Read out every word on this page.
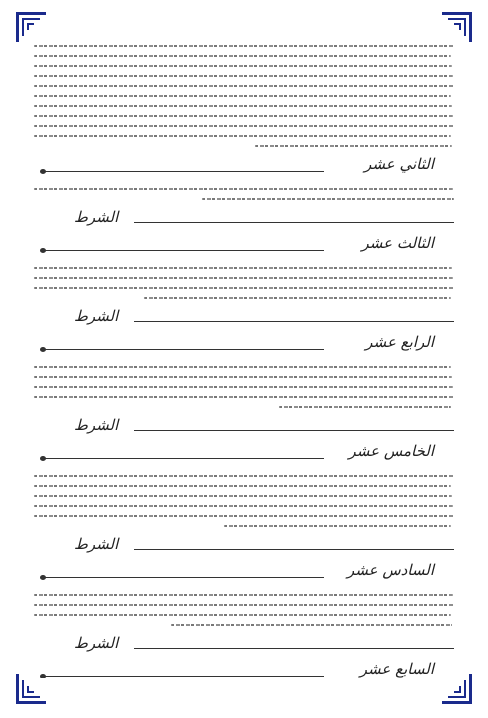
الثاني عشر
الشرط
الثالث عشر
الشرط
الرابع عشر
الشرط
الخامس عشر
الشرط
السادس عشر
الشرط
السابع عشر
